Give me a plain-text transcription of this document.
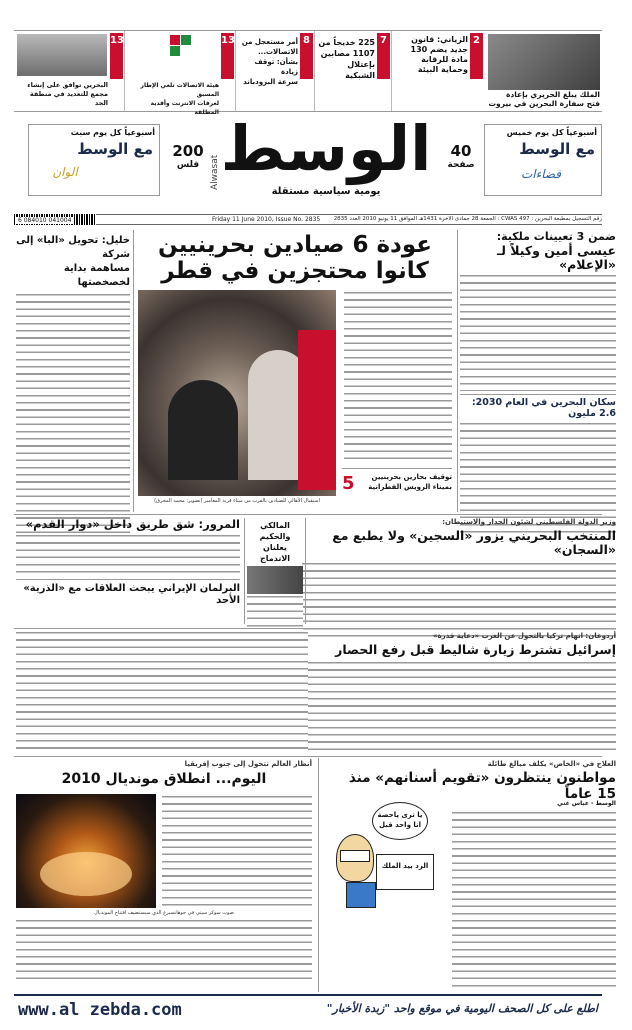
الملك يبلغ الحريري بإعادة
فتح سفارة البحرين في بيروت
2
الزياني: قانون
جديد يضم 130
مادة للرقابة
وحماية البيئة
7
225 خديجاً من
1107 مصابين
بإعتلال الشبكية
8
أمر مستعجل من
الاتصالات...
بشأن: توقف زيادة
سرعة البرودباند
13
هيئة الاتصالات تلغي الإطار المسبق
لعرفات الانترنت وأقدية المطلقة
13
البحرين توافق على إنشاء
مجمع للتعديد في منطقة الحد
أسبوعياً كل يوم خميس
مع الوسط
فضاءات
40
صفحة
الوسط
Alwasat
يومية سياسية مستقلة
200
فلس
أسبوعياً كل يوم سبت
مع الوسط
الوان
6 084010 041004	Friday 11 June 2010, Issue No. 2835	رقم التسجيل بمطبعة البحرين : CWAS 497 : الجمعة 28 جمادى الآخرة 1431هـ الموافق 11 يونيو 2010 العدد 2835
ضمن 3 تعيينات ملكية:
عيسى أمين وكيلاً لـ «الإعلام»
سكان البحرين في العام 2030: 2.6 مليون
عودة 6 صيادين بحرينيين
كانوا محتجزين في قطر
5	توقيف بحارين بحرينيين بميناء الرويس القطرانية
استقبال الأهالي للصيادين بالقرب من ميناء قرية المعامير (تصوير: محمد المخرق)
خليل: تحويل «البا» إلى شركة
مساهمة بداية لخصخصتها
وزير الدولة الفلسطيني لشئون الجدار والاستيطان:
المنتخب البحريني يزور «السجين» ولا يطبع مع «السجان»
المالكي والحكيم
يعلنان الاندماج
المرور: شق طريق داخل «دوار القدم»
البرلمان الإيراني يبحث العلاقات مع «الذرية» الأحد
أردوغان: اتهام تركيا بالتحول عن الغرب «دعاية قذرة»
إسرائيل تشترط زيارة شاليط قبل رفع الحصار
العلاج في «الخاص» يكلف مبالغ طائلة
مواطنون ينتظرون «تقويم أسنانهم» منذ 15 عاماً
يا ترى ياحصة
انا واحد قبل
الرد بيد الملك
الوسط - عباس غني
أنظار العالم تتحول إلى جنوب إفريقيا
اليوم... انطلاق مونديال 2010
صوت سوكر سيتي في جوهانسبرغ الذي سيستضيف افتتاح المونديال
www.al zebda.com	اطلع على كل الصحف اليومية في موقع واحد "زبدة الأخبار"
